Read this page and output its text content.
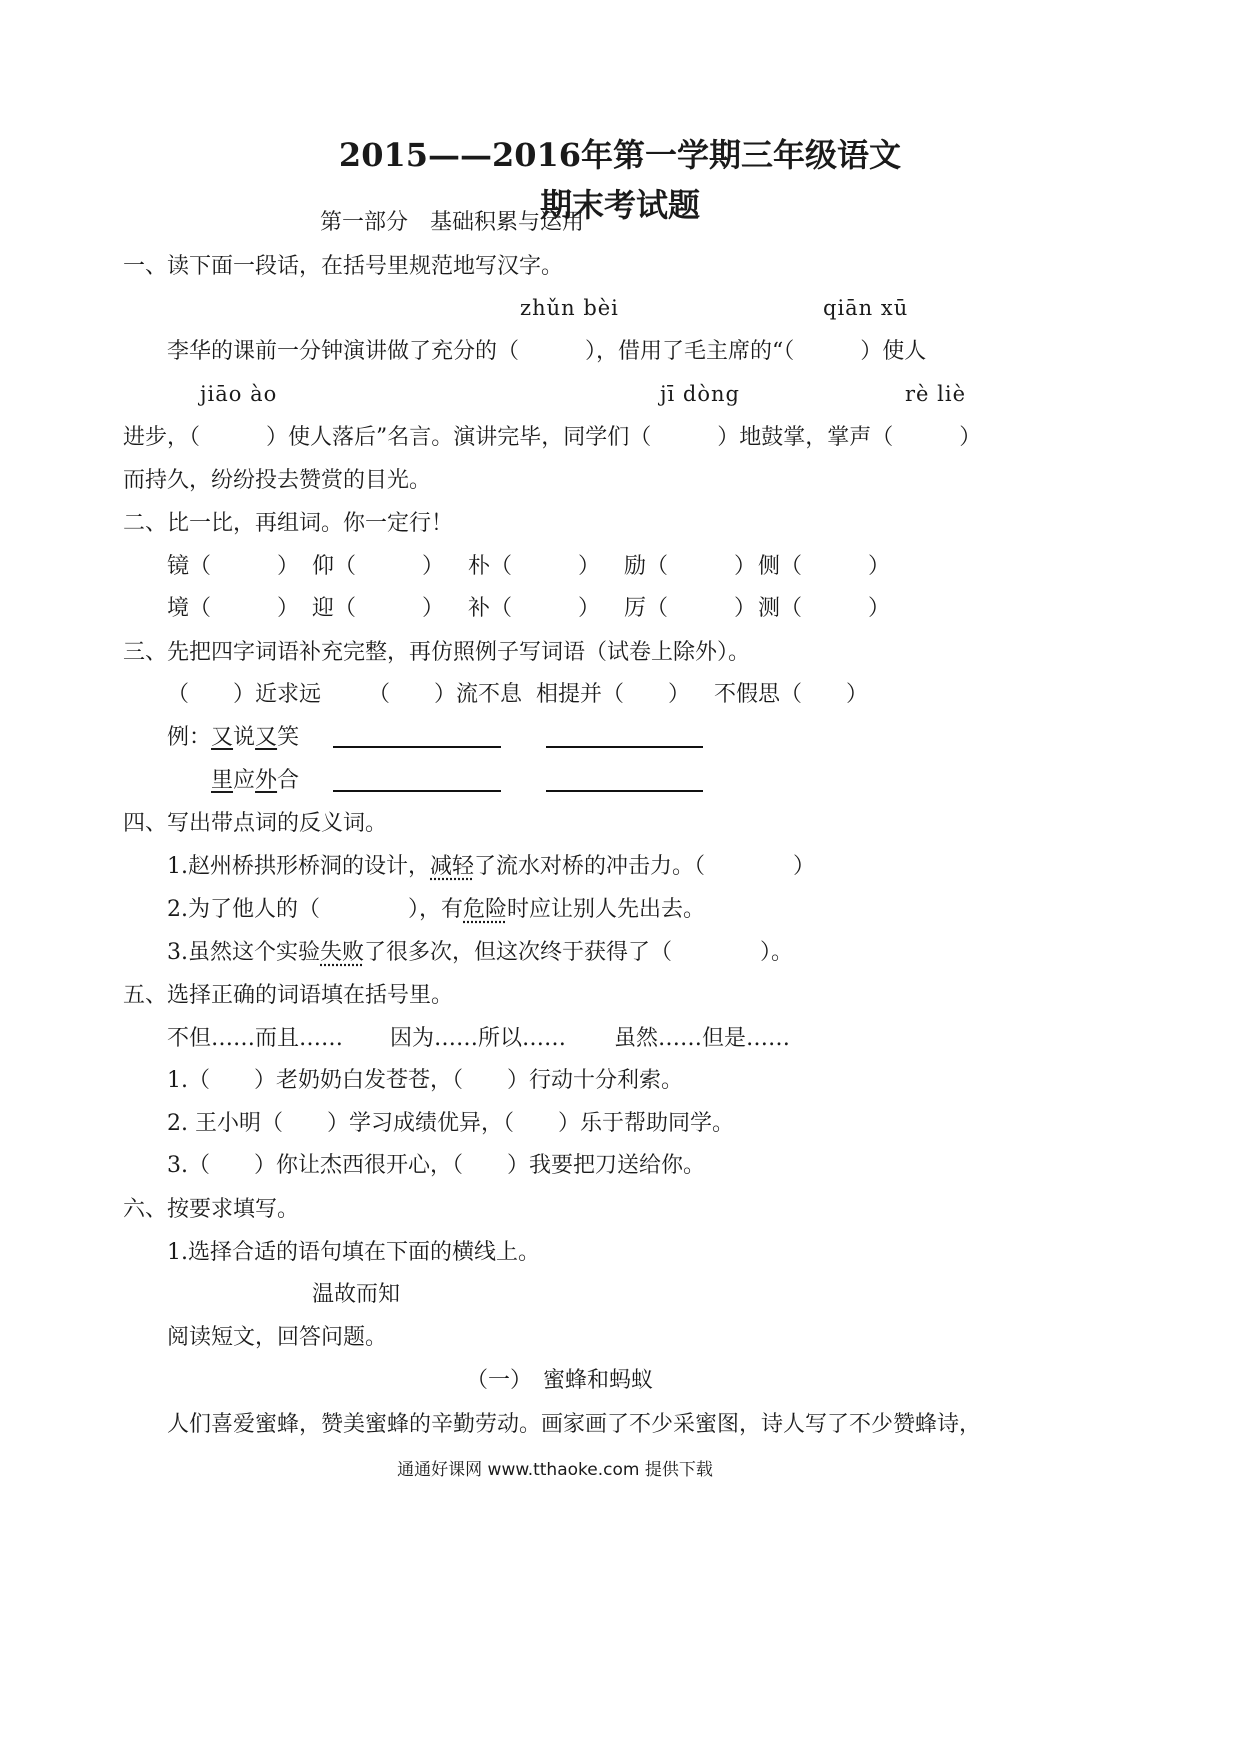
2015——2016年第一学期三年级语文
期末考试题
第一部分　基础积累与运用
一、读下面一段话，在括号里规范地写汉字。
zhǔn bèi	qiān xū
李华的课前一分钟演讲做了充分的（　　　），借用了毛主席的“（　　　）使人
jiāo ào	jī dòng	rè liè
进步，（　　　）使人落后”名言。演讲完毕，同学们（　　　）地鼓掌，掌声（　　　）
而持久，纷纷投去赞赏的目光。
二、比一比，再组词。你一定行！
镜（　　　） 仰（　　　） 朴（　　　） 励（　　　） 侧（　　　）
境（　　　） 迎（　　　） 补（　　　） 厉（　　　） 测（　　　）
三、先把四字词语补充完整，再仿照例子写词语（试卷上除外）。
（　　）近求远 （　　）流不息 相提并（　　） 不假思（　　）
例：又说又笑
里应外合
四、写出带点词的反义词。
1.赵州桥拱形桥洞的设计，减轻了流水对桥的冲击力。（　　　　）
2.为了他人的（　　　　），有危险时应让别人先出去。
3.虽然这个实验失败了很多次，但这次终于获得了（　　　　）。
五、选择正确的词语填在括号里。
不但……而且…… 因为……所以…… 虽然……但是……
1.（　　）老奶奶白发苍苍，（　　）行动十分利索。
2. 王小明（　　）学习成绩优异，（　　）乐于帮助同学。
3.（　　）你让杰西很开心，（　　）我要把刀送给你。
六、按要求填写。
1.选择合适的语句填在下面的横线上。
温故而知
阅读短文，回答问题。
（一）　蜜蜂和蚂蚁
人们喜爱蜜蜂，赞美蜜蜂的辛勤劳动。画家画了不少采蜜图，诗人写了不少赞蜂诗，
通通好课网 www.tthaoke.com 提供下载
